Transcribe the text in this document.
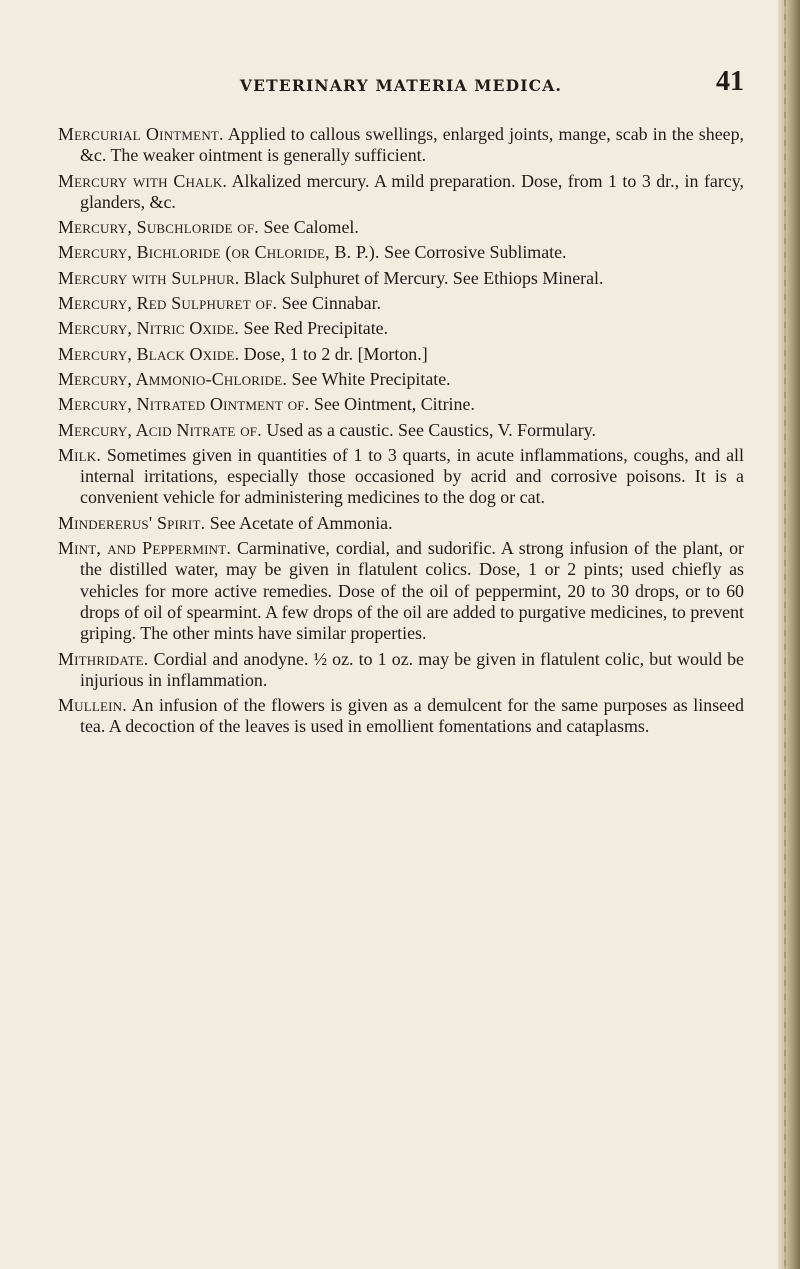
VETERINARY MATERIA MEDICA.	41

Mercurial Ointment. Applied to callous swellings, enlarged joints, mange, scab in the sheep, &c. The weaker ointment is generally sufficient.

Mercury with Chalk. Alkalized mercury. A mild preparation. Dose, from 1 to 3 dr., in farcy, glanders, &c.

Mercury, Subchloride of. See Calomel.

Mercury, Bichloride (or Chloride, B. P.). See Corrosive Sublimate.

Mercury with Sulphur. Black Sulphuret of Mercury. See Ethiops Mineral.

Mercury, Red Sulphuret of. See Cinnabar.

Mercury, Nitric Oxide. See Red Precipitate.

Mercury, Black Oxide. Dose, 1 to 2 dr. [Morton.]

Mercury, Ammonio-Chloride. See White Precipitate.

Mercury, Nitrated Ointment of. See Ointment, Citrine.

Mercury, Acid Nitrate of. Used as a caustic. See Caustics, V. Formulary.

Milk. Sometimes given in quantities of 1 to 3 quarts, in acute inflammations, coughs, and all internal irritations, especially those occasioned by acrid and corrosive poisons. It is a convenient vehicle for administering medicines to the dog or cat.

Mindererus' Spirit. See Acetate of Ammonia.

Mint, and Peppermint. Carminative, cordial, and sudorific. A strong infusion of the plant, or the distilled water, may be given in flatulent colics. Dose, 1 or 2 pints; used chiefly as vehicles for more active remedies. Dose of the oil of peppermint, 20 to 30 drops, or to 60 drops of oil of spearmint. A few drops of the oil are added to purgative medicines, to prevent griping. The other mints have similar properties.

Mithridate. Cordial and anodyne. ½ oz. to 1 oz. may be given in flatulent colic, but would be injurious in inflammation.

Mullein. An infusion of the flowers is given as a demulcent for the same purposes as linseed tea. A decoction of the leaves is used in emollient fomentations and cataplasms.
